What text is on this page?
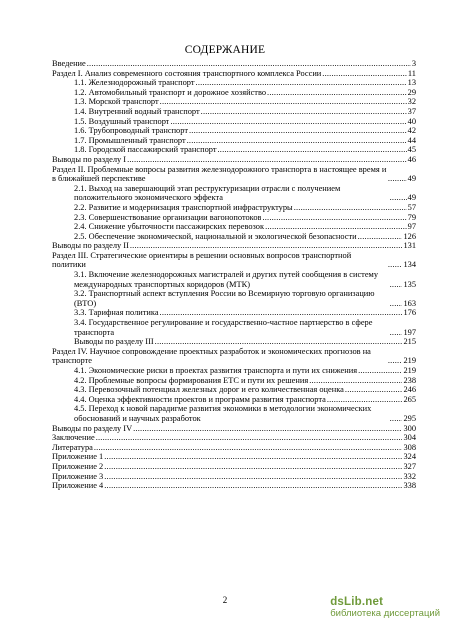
СОДЕРЖАНИЕ
Введение .....	3
Раздел I. Анализ современного состояния транспортного комплекса России .....	11
1.1. Железнодорожный транспорт .....	13
1.2. Автомобильный транспорт и дорожное хозяйство .....	29
1.3. Морской транспорт .....	32
1.4. Внутренний водный транспорт .....	37
1.5. Воздушный транспорт .....	40
1.6. Трубопроводный транспорт .....	42
1.7. Промышленный транспорт .....	44
1.8. Городской пассажирский транспорт .....	45
Выводы по разделу I .....	46
Раздел II. Проблемные вопросы развития железнодорожного транспорта в настоящее время и в ближайшей перспективе .....	49
2.1. Выход на завершающий этап реструктуризации отрасли с получением положительного экономического эффекта .....	49
2.2. Развитие и модернизация транспортной инфраструктуры .....	57
2.3. Совершенствование организации вагонопотоков .....	79
2.4. Снижение убыточности пассажирских перевозок .....	97
2.5. Обеспечение экономической, национальной и экологической безопасности .....	126
Выводы по разделу II .....	131
Раздел III. Стратегические ориентиры в решении основных вопросов транспортной политики .....	134
3.1. Включение железнодорожных магистралей и других путей сообщения в систему международных транспортных коридоров (МТК) .....	135
3.2. Транспортный аспект вступления России во Всемирную торговую организацию (ВТО) .....	163
3.3. Тарифная политика .....	176
3.4. Государственное регулирование и государственно-частное партнерство в сфере транспорта .....	197
Выводы по разделу III .....	215
Раздел IV. Научное сопровождение проектных разработок и экономических прогнозов на транспорте .....	219
4.1. Экономические риски в проектах развития транспорта и пути их снижения .....	219
4.2. Проблемные вопросы формирования ЕТС и пути их решения .....	238
4.3. Перевозочный потенциал железных дорог и его количественная оценка .....	246
4.4. Оценка эффективности проектов и программ развития транспорта .....	265
4.5. Переход к новой парадигме развития экономики в методологии экономических обоснований и научных разработок .....	295
Выводы по разделу IV .....	300
Заключение .....	304
Литература .....	308
Приложение 1 .....	324
Приложение 2 .....	327
Приложение 3 .....	332
Приложение 4 .....	338
2	dsLib.net
библиотека диссертаций
